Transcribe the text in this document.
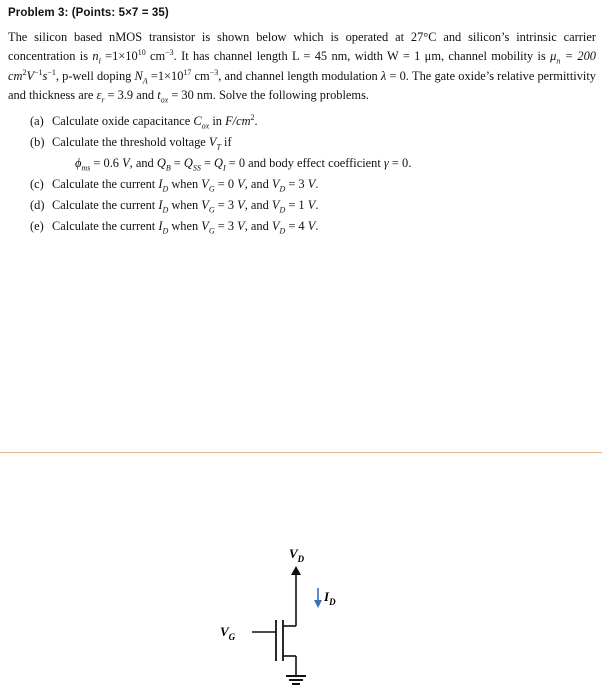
Problem 3: (Points: 5×7 = 35)
The silicon based nMOS transistor is shown below which is operated at 27°C and silicon’s intrinsic carrier concentration is $n_i =1\times 10^{10}$ $cm^{-3}$. It has channel length L = 45 nm, width W = 1 μm, channel mobility is $\mu_n = 200$ $cm^2V^{-1}s^{-1}$, p-well doping $N_A =1\times 10^{17}$ $cm^{-3}$, and channel length modulation λ = 0. The gate oxide’s relative permittivity and thickness are $\varepsilon_r = 3.9$ and $t_{ox} = 30$ nm. Solve the following problems.
(a) Calculate oxide capacitance $C_{ox}$ in $F/cm^2$.
(b) Calculate the threshold voltage $V_T$ if
$\phi_{ms} = 0.6$ V, and $Q_B = Q_{SS} = Q_I = 0$ and body effect coefficient γ = 0.
(c) Calculate the current $I_D$ when $V_G = 0$ V, and $V_D = 3$ V.
(d) Calculate the current $I_D$ when $V_G = 3$ V, and $V_D = 1$ V.
(e) Calculate the current $I_D$ when $V_G = 3$ V, and $V_D = 4$ V.
$V_D$
$I_D$
$V_G$
